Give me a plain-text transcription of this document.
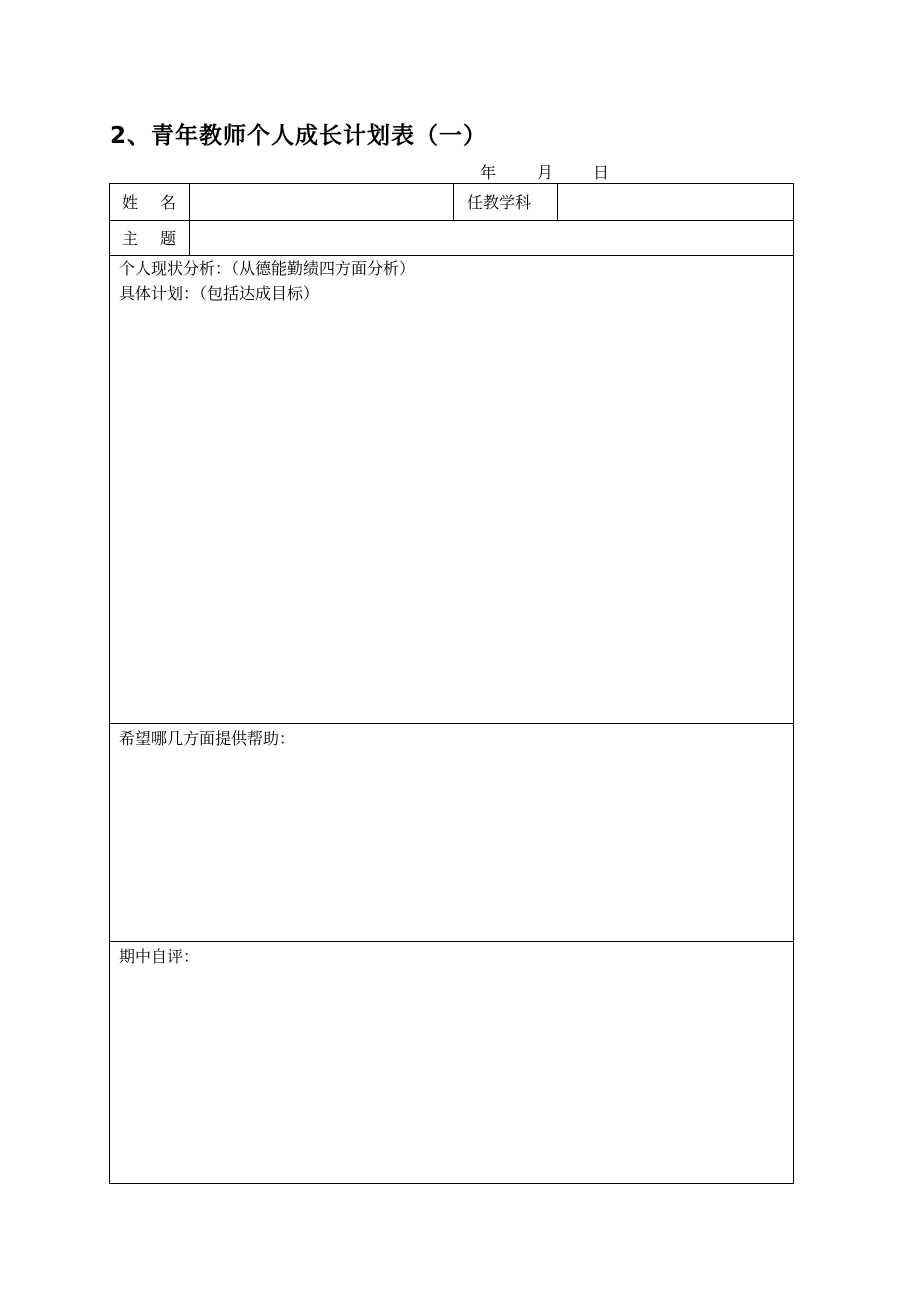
2、青年教师个人成长计划表（一）
年	月 日
姓 名	任教学科
主 题
个人现状分析：（从德能勤绩四方面分析）
具体计划：（包括达成目标）
希望哪几方面提供帮助：
期中自评：
